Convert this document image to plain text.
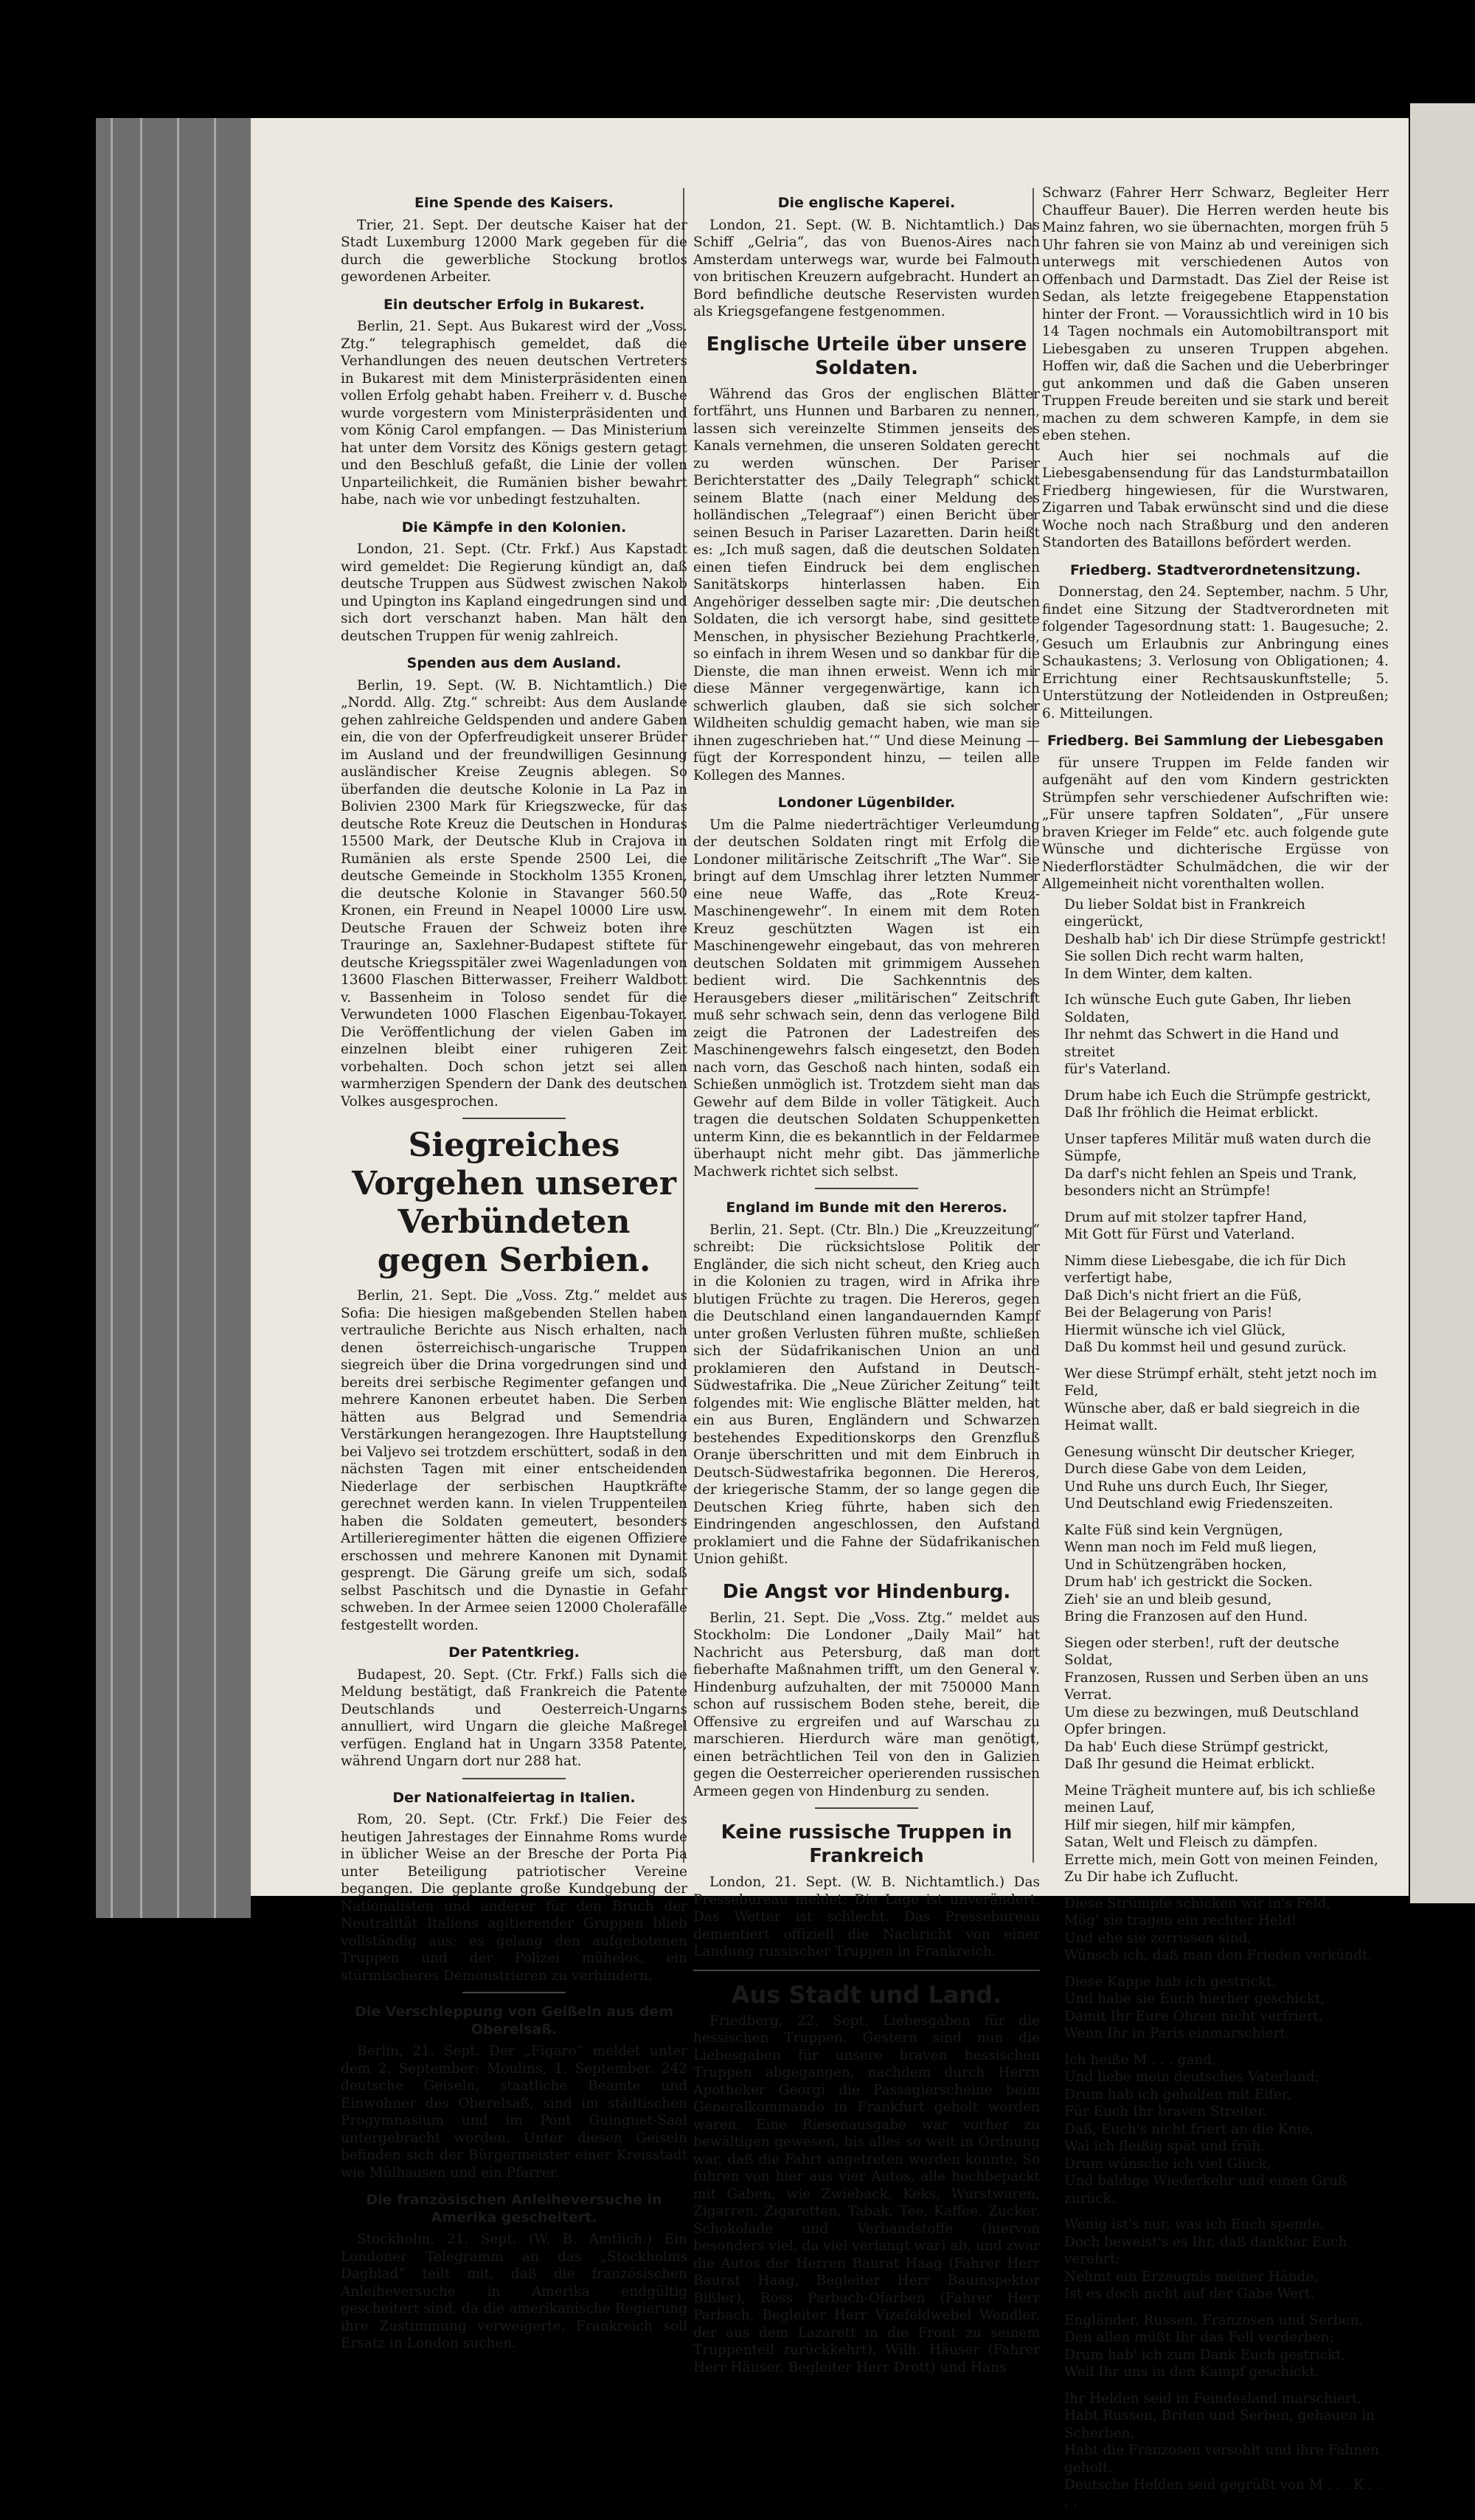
Eine Spende des Kaisers.

Trier, 21. Sept. Der deutsche Kaiser hat der Stadt Luxemburg 12000 Mark gegeben für die durch die gewerbliche Stockung brotlos gewordenen Arbeiter.

Ein deutscher Erfolg in Bukarest.

Berlin, 21. Sept. Aus Bukarest wird der „Voss. Ztg.“ telegraphisch gemeldet, daß die Verhandlungen des neuen deutschen Vertreters in Bukarest mit dem Ministerpräsidenten einen vollen Erfolg gehabt haben. Freiherr v. d. Busche wurde vorgestern vom Ministerpräsidenten und vom König Carol empfangen. — Das Ministerium hat unter dem Vorsitz des Königs gestern getagt und den Beschluß gefaßt, die Linie der vollen Unparteilichkeit, die Rumänien bisher bewahrt habe, nach wie vor unbedingt festzuhalten.

Die Kämpfe in den Kolonien.

London, 21. Sept. (Ctr. Frkf.) Aus Kapstadt wird gemeldet: Die Regierung kündigt an, daß deutsche Truppen aus Südwest zwischen Nakob und Upington ins Kapland eingedrungen sind und sich dort verschanzt haben. Man hält den deutschen Truppen für wenig zahlreich.

Spenden aus dem Ausland.

Berlin, 19. Sept. (W. B. Nichtamtlich.) Die „Nordd. Allg. Ztg.“ schreibt: Aus dem Auslande gehen zahlreiche Geldspenden und andere Gaben ein, die von der Opferfreudigkeit unserer Brüder im Ausland und der freundwilligen Gesinnung ausländischer Kreise Zeugnis ablegen. So überfanden die deutsche Kolonie in La Paz in Bolivien 2300 Mark für Kriegszwecke, für das deutsche Rote Kreuz die Deutschen in Honduras 15500 Mark, der Deutsche Klub in Crajova in Rumänien als erste Spende 2500 Lei, die deutsche Gemeinde in Stockholm 1355 Kronen, die deutsche Kolonie in Stavanger 560.50 Kronen, ein Freund in Neapel 10000 Lire usw. Deutsche Frauen der Schweiz boten ihre Trauringe an, Saxlehner-Budapest stiftete für deutsche Kriegsspitäler zwei Wagenladungen von 13600 Flaschen Bitterwasser, Freiherr Waldbott v. Bassenheim in Toloso sendet für die Verwundeten 1000 Flaschen Eigenbau-Tokayer. Die Veröffentlichung der vielen Gaben im einzelnen bleibt einer ruhigeren Zeit vorbehalten. Doch schon jetzt sei allen warmherzigen Spendern der Dank des deutschen Volkes ausgesprochen.

Siegreiches Vorgehen unserer Verbündeten gegen Serbien.

Berlin, 21. Sept. Die „Voss. Ztg.“ meldet aus Sofia: Die hiesigen maßgebenden Stellen haben vertrauliche Berichte aus Nisch erhalten, nach denen österreichisch-ungarische Truppen siegreich über die Drina vorgedrungen sind und bereits drei serbische Regimenter gefangen und mehrere Kanonen erbeutet haben. Die Serben hätten aus Belgrad und Semendria Verstärkungen herangezogen. Ihre Hauptstellung bei Valjevo sei trotzdem erschüttert, sodaß in den nächsten Tagen mit einer entscheidenden Niederlage der serbischen Hauptkräfte gerechnet werden kann. In vielen Truppenteilen haben die Soldaten gemeutert, besonders Artillerieregimenter hätten die eigenen Offiziere erschossen und mehrere Kanonen mit Dynamit gesprengt. Die Gärung greife um sich, sodaß selbst Paschitsch und die Dynastie in Gefahr schweben. In der Armee seien 12000 Cholerafälle festgestellt worden.

Der Patentkrieg.

Budapest, 20. Sept. (Ctr. Frkf.) Falls sich die Meldung bestätigt, daß Frankreich die Patente Deutschlands und Oesterreich-Ungarns annulliert, wird Ungarn die gleiche Maßregel verfügen. England hat in Ungarn 3358 Patente, während Ungarn dort nur 288 hat.

Der Nationalfeiertag in Italien.

Rom, 20. Sept. (Ctr. Frkf.) Die Feier des heutigen Jahrestages der Einnahme Roms wurde in üblicher Weise an der Bresche der Porta Pia unter Beteiligung patriotischer Vereine begangen. Die geplante große Kundgebung der Nationalisten und anderer für den Bruch der Neutralität Italiens agitierender Gruppen blieb vollständig aus; es gelang den aufgebotenen Truppen und der Polizei mühelos, ein stürmischeres Demonstrieren zu verhindern.

Die Verschleppung von Geißeln aus dem Oberelsaß.

Berlin, 21. Sept. Der „Figaro“ meldet unter dem 2. September: Moulins, 1. September. 242 deutsche Geiseln, staatliche Beamte und Einwohner des Oberelsaß, sind im städtischen Progymnasium und im Pont Guinguet-Saal untergebracht worden. Unter diesen Geiseln befinden sich der Bürgermeister einer Kreisstadt wie Mülhausen und ein Pfarrer.

Die französischen Anleiheversuche in Amerika gescheitert.

Stockholm, 21. Sept. (W. B. Amtlich.) Ein Londoner Telegramm an das „Stockholms Dagblad“ teilt mit, daß die französischen Anleiheversuche in Amerika endgültig gescheitert sind, da die amerikanische Regierung ihre Zustimmung verweigerte. Frankreich soll Ersatz in London suchen.

Die englische Kaperei.

London, 21. Sept. (W. B. Nichtamtlich.) Das Schiff „Gelria“, das von Buenos-Aires nach Amsterdam unterwegs war, wurde bei Falmouth von britischen Kreuzern aufgebracht. Hundert an Bord befindliche deutsche Reservisten wurden als Kriegsgefangene festgenommen.

Englische Urteile über unsere Soldaten.

Während das Gros der englischen Blätter fortfährt, uns Hunnen und Barbaren zu nennen, lassen sich vereinzelte Stimmen jenseits des Kanals vernehmen, die unseren Soldaten gerecht zu werden wünschen. Der Pariser Berichterstatter des „Daily Telegraph“ schickt seinem Blatte (nach einer Meldung des holländischen „Telegraaf“) einen Bericht über seinen Besuch in Pariser Lazaretten. Darin heißt es: „Ich muß sagen, daß die deutschen Soldaten einen tiefen Eindruck bei dem englischen Sanitätskorps hinterlassen haben. Ein Angehöriger desselben sagte mir: ‚Die deutschen Soldaten, die ich versorgt habe, sind gesittete Menschen, in physischer Beziehung Prachtkerle, so einfach in ihrem Wesen und so dankbar für die Dienste, die man ihnen erweist. Wenn ich mir diese Männer vergegenwärtige, kann ich schwerlich glauben, daß sie sich solcher Wildheiten schuldig gemacht haben, wie man sie ihnen zugeschrieben hat.‘“ Und diese Meinung — fügt der Korrespondent hinzu, — teilen alle Kollegen des Mannes.

Londoner Lügenbilder.

Um die Palme niederträchtiger Verleumdung der deutschen Soldaten ringt mit Erfolg die Londoner militärische Zeitschrift „The War“. Sie bringt auf dem Umschlag ihrer letzten Nummer eine neue Waffe, das „Rote Kreuz-Maschinengewehr“. In einem mit dem Roten Kreuz geschützten Wagen ist ein Maschinengewehr eingebaut, das von mehreren deutschen Soldaten mit grimmigem Aussehen bedient wird. Die Sachkenntnis des Herausgebers dieser „militärischen“ Zeitschrift muß sehr schwach sein, denn das verlogene Bild zeigt die Patronen der Ladestreifen des Maschinengewehrs falsch eingesetzt, den Boden nach vorn, das Geschoß nach hinten, sodaß ein Schießen unmöglich ist. Trotzdem sieht man das Gewehr auf dem Bilde in voller Tätigkeit. Auch tragen die deutschen Soldaten Schuppenketten unterm Kinn, die es bekanntlich in der Feldarmee überhaupt nicht mehr gibt. Das jämmerliche Machwerk richtet sich selbst.

England im Bunde mit den Hereros.

Berlin, 21. Sept. (Ctr. Bln.) Die „Kreuzzeitung“ schreibt: Die rücksichtslose Politik der Engländer, die sich nicht scheut, den Krieg auch in die Kolonien zu tragen, wird in Afrika ihre blutigen Früchte zu tragen. Die Hereros, gegen die Deutschland einen langandauernden Kampf unter großen Verlusten führen mußte, schließen sich der Südafrikanischen Union an und proklamieren den Aufstand in Deutsch-Südwestafrika. Die „Neue Züricher Zeitung“ teilt folgendes mit: Wie englische Blätter melden, hat ein aus Buren, Engländern und Schwarzen bestehendes Expeditionskorps den Grenzfluß Oranje überschritten und mit dem Einbruch in Deutsch-Südwestafrika begonnen. Die Hereros, der kriegerische Stamm, der so lange gegen die Deutschen Krieg führte, haben sich den Eindringenden angeschlossen, den Aufstand proklamiert und die Fahne der Südafrikanischen Union gehißt.

Die Angst vor Hindenburg.

Berlin, 21. Sept. Die „Voss. Ztg.“ meldet aus Stockholm: Die Londoner „Daily Mail“ hat Nachricht aus Petersburg, daß man dort fieberhafte Maßnahmen trifft, um den General v. Hindenburg aufzuhalten, der mit 750000 Mann schon auf russischem Boden stehe, bereit, die Offensive zu ergreifen und auf Warschau zu marschieren. Hierdurch wäre man genötigt, einen beträchtlichen Teil von den in Galizien gegen die Oesterreicher operierenden russischen Armeen gegen von Hindenburg zu senden.

Keine russische Truppen in Frankreich

London, 21. Sept. (W. B. Nichtamtlich.) Das Pressebureau meldet: Die Lage ist unverändert. Das Wetter ist schlecht. Das Pressebureau dementiert offiziell die Nachricht von einer Landung russischer Truppen in Frankreich.

Aus Stadt und Land.

Friedberg, 22. Sept. Liebesgaben für die hessischen Truppen. Gestern sind nun die Liebesgaben für unsere braven hessischen Truppen abgegangen, nachdem durch Herrn Apotheker Georgi die Passagierscheine beim Generalkommando in Frankfurt geholt worden waren. Eine Riesenausgabe war vorher zu bewältigen gewesen, bis alles so weit in Ordnung war, daß die Fahrt angetreten werden konnte. So fuhren von hier aus vier Autos, alle hochbepackt mit Gaben, wie Zwieback, Keks, Wurstwaren, Zigarren, Zigaretten, Tabak, Tee, Kaffee, Zucker, Schokolade und Verbandstoffe (hiervon besonders viel, da viel verlangt war) ab, und zwar die Autos der Herren Baurat Haag (Fahrer Herr Baurat Haag, Begleiter Herr Bauinspektor Bißler), Ross Parbach-Ofarben (Fahrer Herr Parbach, Begleiter Herr Vizefeldwebel Wendler, der aus dem Lazarett in die Front zu seinem Truppenteil zurückkehrt), Wilh. Häuser (Fahrer Herr Häuser, Begleiter Herr Drott) und Hans

Schwarz (Fahrer Herr Schwarz, Begleiter Herr Chauffeur Bauer). Die Herren werden heute bis Mainz fahren, wo sie übernachten, morgen früh 5 Uhr fahren sie von Mainz ab und vereinigen sich unterwegs mit verschiedenen Autos von Offenbach und Darmstadt. Das Ziel der Reise ist Sedan, als letzte freigegebene Etappenstation hinter der Front. — Voraussichtlich wird in 10 bis 14 Tagen nochmals ein Automobiltransport mit Liebesgaben zu unseren Truppen abgehen. Hoffen wir, daß die Sachen und die Ueberbringer gut ankommen und daß die Gaben unseren Truppen Freude bereiten und sie stark und bereit machen zu dem schweren Kampfe, in dem sie eben stehen.

Auch hier sei nochmals auf die Liebesgabensendung für das Landsturmbataillon Friedberg hingewiesen, für die Wurstwaren, Zigarren und Tabak erwünscht sind und die diese Woche noch nach Straßburg und den anderen Standorten des Bataillons befördert werden.

Friedberg. Stadtverordnetensitzung.

Donnerstag, den 24. September, nachm. 5 Uhr, findet eine Sitzung der Stadtverordneten mit folgender Tagesordnung statt: 1. Baugesuche; 2. Gesuch um Erlaubnis zur Anbringung eines Schaukastens; 3. Verlosung von Obligationen; 4. Errichtung einer Rechtsauskunftstelle; 5. Unterstützung der Notleidenden in Ostpreußen; 6. Mitteilungen.

Friedberg. Bei Sammlung der Liebesgaben

für unsere Truppen im Felde fanden wir aufgenäht auf den vom Kindern gestrickten Strümpfen sehr verschiedener Aufschriften wie: „Für unsere tapfren Soldaten“, „Für unsere braven Krieger im Felde“ etc. auch folgende gute Wünsche und dichterische Ergüsse von Niederflorstädter Schulmädchen, die wir der Allgemeinheit nicht vorenthalten wollen.

Du lieber Soldat bist in Frankreich eingerückt,
Deshalb hab' ich Dir diese Strümpfe gestrickt!
Sie sollen Dich recht warm halten,
In dem Winter, dem kalten.

Ich wünsche Euch gute Gaben, Ihr lieben Soldaten,
Ihr nehmt das Schwert in die Hand und streitet
für's Vaterland.

Drum habe ich Euch die Strümpfe gestrickt,
Daß Ihr fröhlich die Heimat erblickt.

Unser tapferes Militär muß waten durch die Sümpfe,
Da darf's nicht fehlen an Speis und Trank, besonders nicht an Strümpfe!

Drum auf mit stolzer tapfrer Hand,
Mit Gott für Fürst und Vaterland.

Nimm diese Liebesgabe, die ich für Dich verfertigt habe,
Daß Dich's nicht friert an die Füß,
Bei der Belagerung von Paris!
Hiermit wünsche ich viel Glück,
Daß Du kommst heil und gesund zurück.

Wer diese Strümpf erhält, steht jetzt noch im Feld,
Wünsche aber, daß er bald siegreich in die Heimat wallt.

Genesung wünscht Dir deutscher Krieger,
Durch diese Gabe von dem Leiden,
Und Ruhe uns durch Euch, Ihr Sieger,
Und Deutschland ewig Friedenszeiten.

Kalte Füß sind kein Vergnügen,
Wenn man noch im Feld muß liegen,
Und in Schützengräben hocken,
Drum hab' ich gestrickt die Socken.
Zieh' sie an und bleib gesund,
Bring die Franzosen auf den Hund.

Siegen oder sterben!, ruft der deutsche Soldat,
Franzosen, Russen und Serben üben an uns Verrat.
Um diese zu bezwingen, muß Deutschland Opfer bringen.
Da hab' Euch diese Strümpf gestrickt,
Daß Ihr gesund die Heimat erblickt.

Meine Trägheit muntere auf, bis ich schließe meinen Lauf,
Hilf mir siegen, hilf mir kämpfen,
Satan, Welt und Fleisch zu dämpfen.
Errette mich, mein Gott von meinen Feinden,
Zu Dir habe ich Zuflucht.

Diese Strümpfe schicken wir in's Feld,
Mög' sie tragen ein rechter Held!
Und ehe sie zerrissen sind,
Wünsch ich, daß man den Frieden verkündt.

Diese Kappe hab ich gestrickt,
Und habe sie Euch hierher geschickt,
Damit Ihr Eure Ohren nicht verfriert,
Wenn Ihr in Paris einmarschiert.

Ich heiße M . . . gand,
Und liebe mein deutsches Vaterland;
Drum hab ich geholfen mit Eifer,
Für Euch Ihr braven Streiter.
Daß, Euch's nicht friert an die Knie,
Wai ich fleißig spät und früh.
Drum wünsche ich viel Glück,
Und baldige Wiederkehr und einen Gruß zurück.

Wenig ist's nur, was ich Euch spende,
Doch beweist's es Ihr, daß dankbar Euch verehrt;
Nehmt ein Erzeugnis meiner Hände,
Ist es doch nicht auf der Gabe Wert.

Engländer, Russen, Franzosen und Serben,
Den allen müßt Ihr das Fell verderben;
Drum hab' ich zum Dank Euch gestrickt,
Weil Ihr uns in den Kampf geschickt.

Ihr Helden seid in Feindesland marschiert,
Habt Russen, Briten und Serben, gehauen in Scherben,
Habt die Franzosen versohlt und ihre Fahnen geholt.
Deutsche Helden seid gegrüßt von M . . . K . . . .
